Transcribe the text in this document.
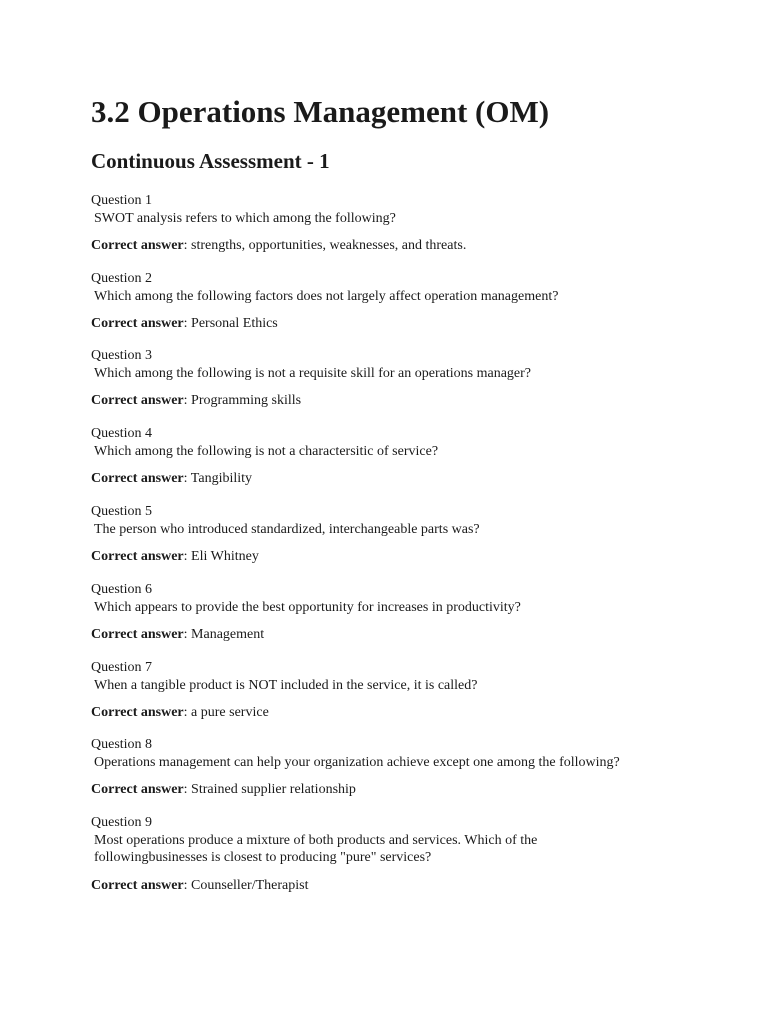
3.2 Operations Management (OM)
Continuous Assessment - 1
Question 1
SWOT analysis refers to which among the following?
Correct answer: strengths, opportunities, weaknesses, and threats.
Question 2
Which among the following factors does not largely affect operation management?
Correct answer: Personal Ethics
Question 3
Which among the following is not a requisite skill for an operations manager?
Correct answer: Programming skills
Question 4
Which among the following is not a charactersitic of service?
Correct answer: Tangibility
Question 5
The person who introduced standardized, interchangeable parts was?
Correct answer: Eli Whitney
Question 6
Which appears to provide the best opportunity for increases in productivity?
Correct answer: Management
Question 7
When a tangible product is NOT included in the service, it is called?
Correct answer: a pure service
Question 8
Operations management can help your organization achieve except one among the following?
Correct answer: Strained supplier relationship
Question 9
Most operations produce a mixture of both products and services. Which of the followingbusinesses is closest to producing "pure" services?
Correct answer: Counseller/Therapist
